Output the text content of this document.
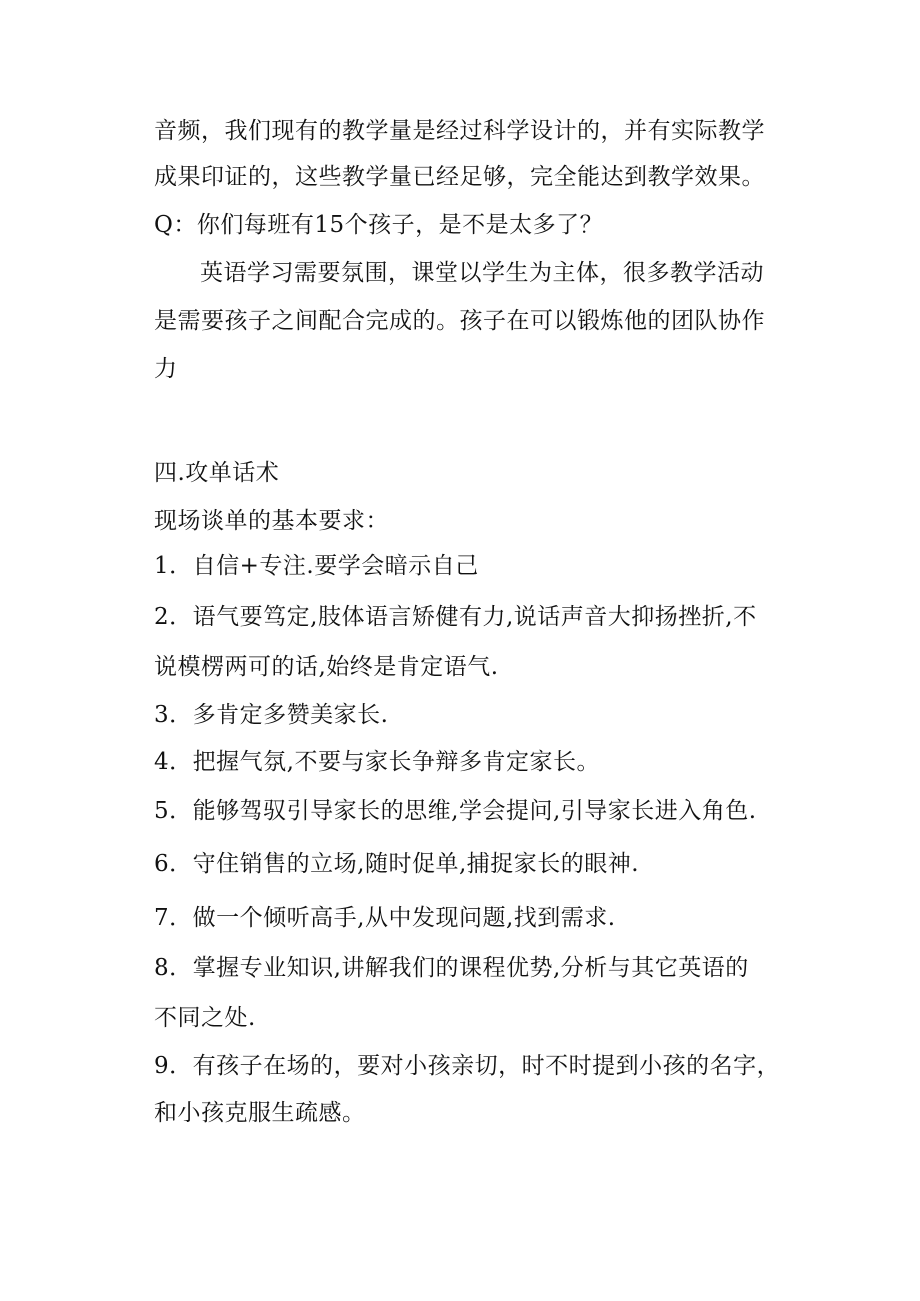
音频，我们现有的教学量是经过科学设计的，并有实际教学
成果印证的，这些教学量已经足够，完全能达到教学效果。
Q：你们每班有15个孩子，是不是太多了？
英语学习需要氛围，课堂以学生为主体，很多教学活动
是需要孩子之间配合完成的。孩子在可以锻炼他的团队协作
力
四.攻单话术
现场谈单的基本要求：
1．自信+专注.要学会暗示自己
2．语气要笃定,肢体语言矫健有力,说话声音大抑扬挫折,不
说模楞两可的话,始终是肯定语气.
3．多肯定多赞美家长.
4．把握气氛,不要与家长争辩多肯定家长。
5．能够驾驭引导家长的思维,学会提问,引导家长进入角色.
6．守住销售的立场,随时促单,捕捉家长的眼神.
7．做一个倾听高手,从中发现问题,找到需求.
8．掌握专业知识,讲解我们的课程优势,分析与其它英语的
不同之处.
9．有孩子在场的，要对小孩亲切，时不时提到小孩的名字，
和小孩克服生疏感。
